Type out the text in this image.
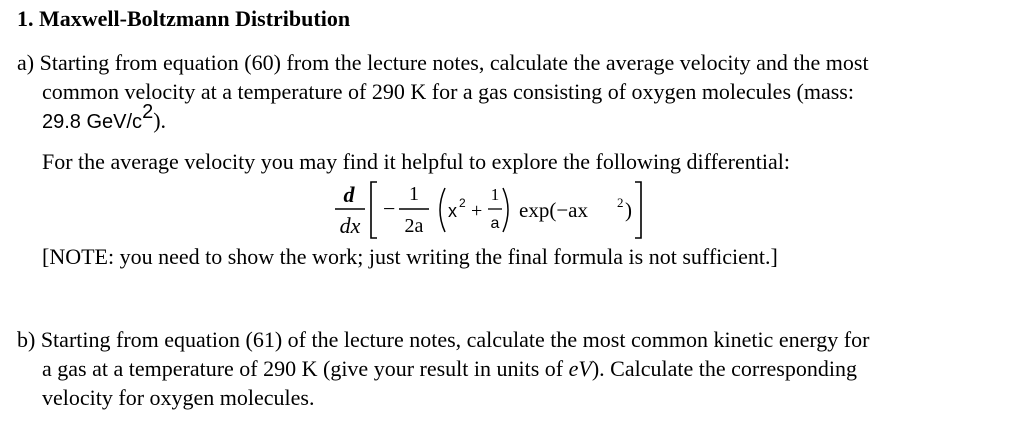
1. Maxwell-Boltzmann Distribution
a) Starting from equation (60) from the lecture notes, calculate the average velocity and the most
common velocity at a temperature of 290 K for a gas consisting of oxygen molecules (mass:
29.8 GeV/$c^2$).
For the average velocity you may find it helpful to explore the following differential:
d
dx
−
1
2a
x 2 +
1
a
exp(−ax 2 )
[NOTE: you need to show the work; just writing the final formula is not sufficient.]
b) Starting from equation (61) of the lecture notes, calculate the most common kinetic energy for
a gas at a temperature of 290 K (give your result in units of eV). Calculate the corresponding
velocity for oxygen molecules.
